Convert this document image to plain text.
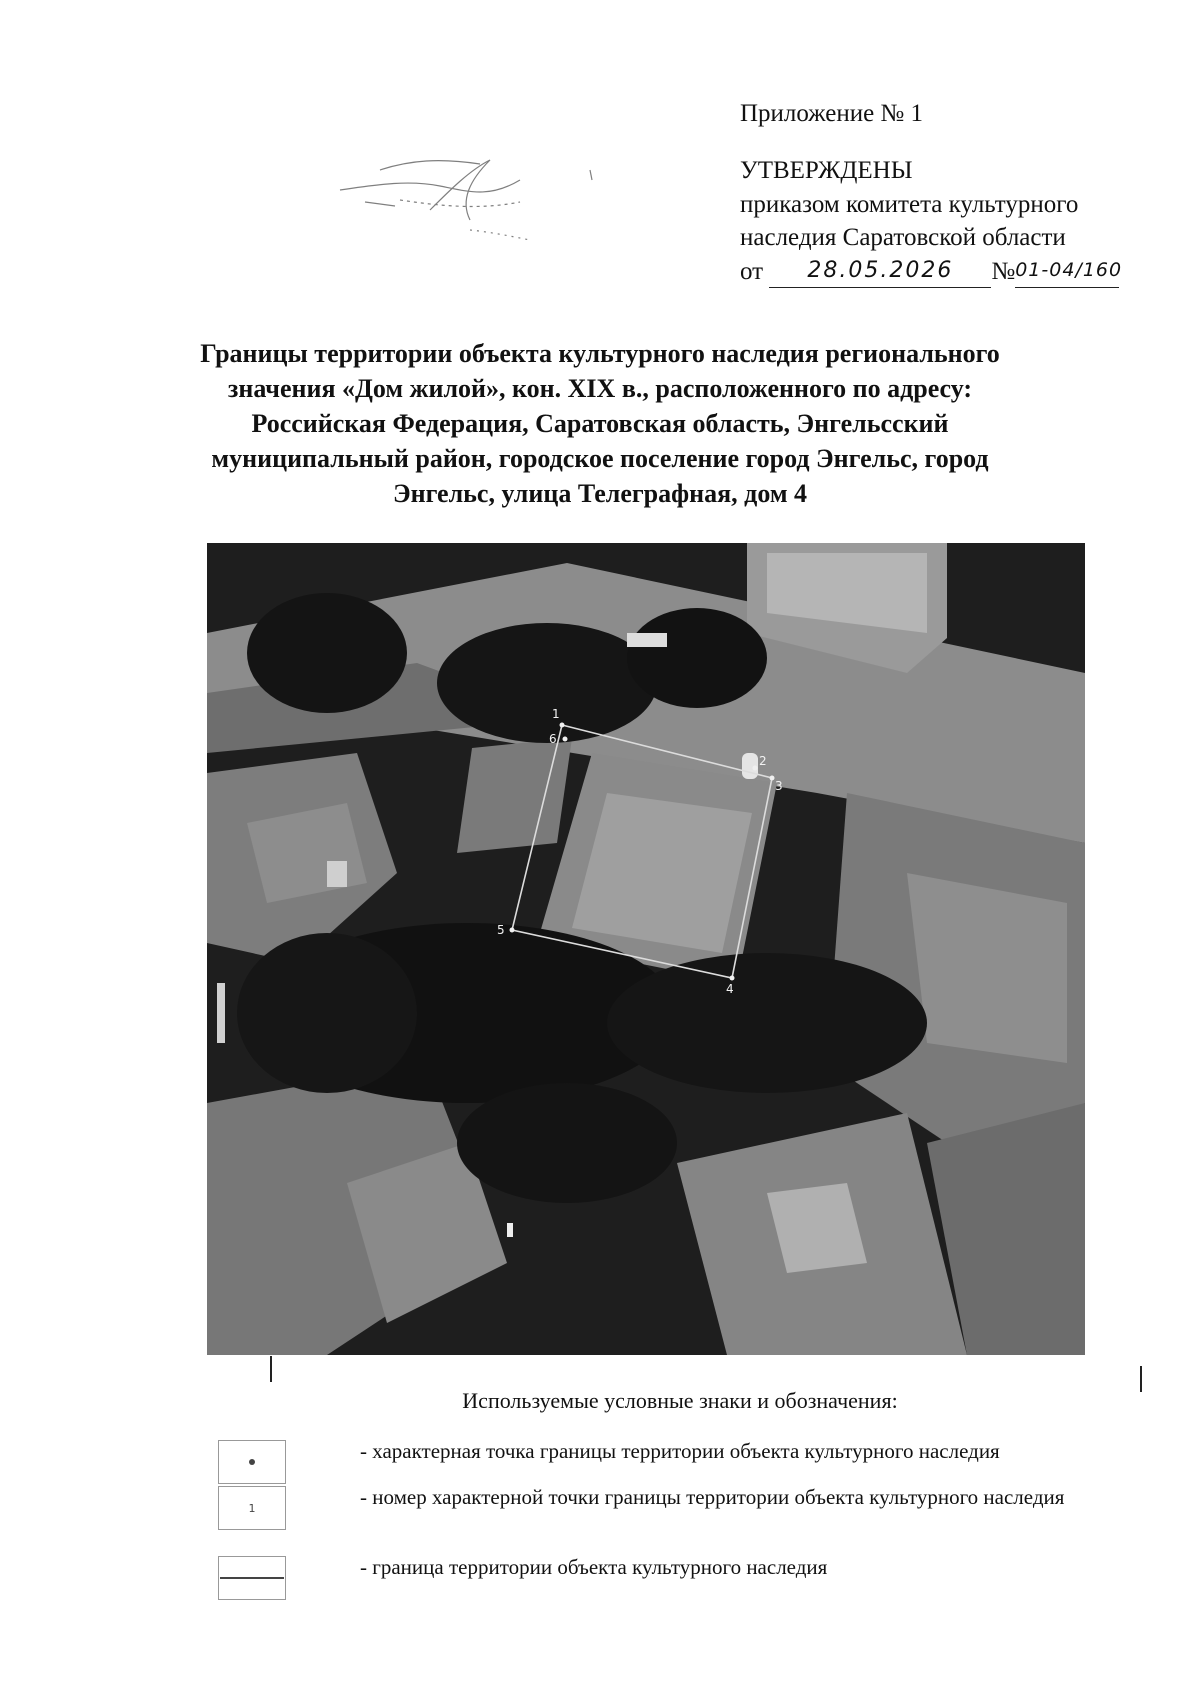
Приложение № 1
УТВЕРЖДЕНЫ
приказом комитета культурного
наследия Саратовской области
от
	28.05.2026	№ 01-04/160
Границы территории объекта культурного наследия регионального значения «Дом жилой», кон. XIX в., расположенного по адресу: Российская Федерация, Саратовская область, Энгельсский муниципальный район, городское поселение город Энгельс, город Энгельс, улица Телеграфная, дом 4
1
2
3
4
5
6
Используемые условные знаки и обозначения:
- характерная точка границы территории объекта культурного наследия
1	- номер характерной точки границы территории объекта культурного наследия
- граница территории объекта культурного наследия
